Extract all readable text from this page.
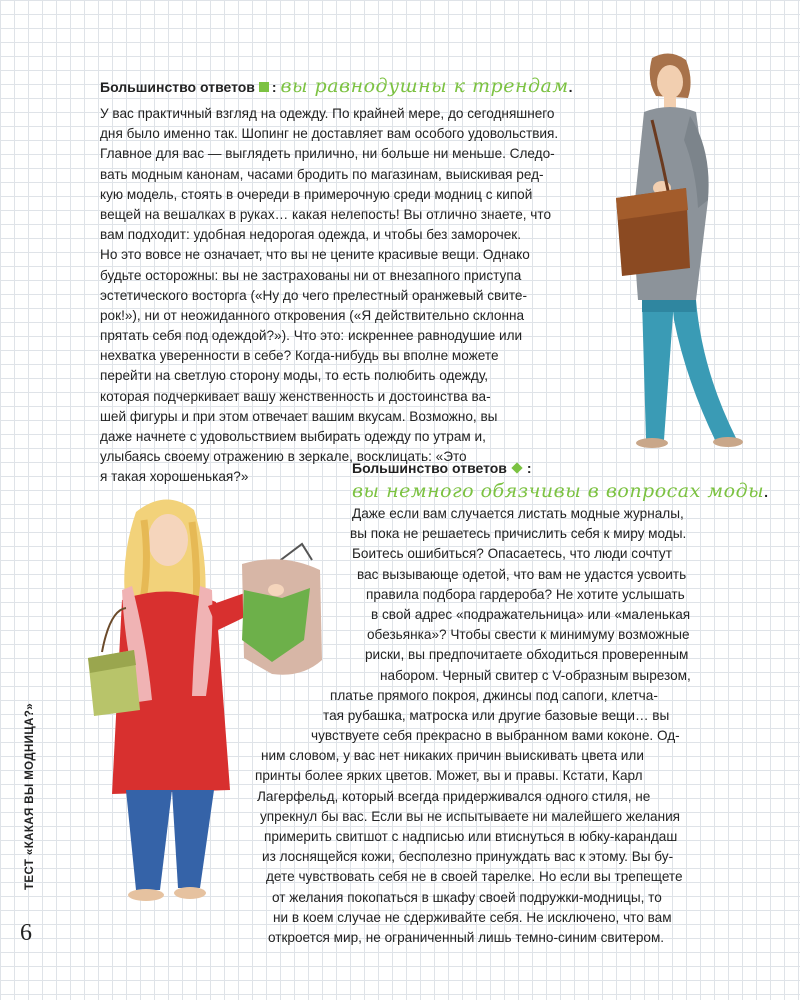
Большинство ответов : вы равнодушны к трендам.
У вас практичный взгляд на одежду. По крайней мере, до сегодняшнего
дня было именно так. Шопинг не доставляет вам особого удовольствия.
Главное для вас — выглядеть прилично, ни больше ни меньше. Следо-
вать модным канонам, часами бродить по магазинам, выискивая ред-
кую модель, стоять в очереди в примерочную среди модниц с кипой
вещей на вешалках в руках… какая нелепость! Вы отлично знаете, что
вам подходит: удобная недорогая одежда, и чтобы без заморочек.
Но это вовсе не означает, что вы не цените красивые вещи. Однако
будьте осторожны: вы не застрахованы ни от внезапного приступа
эстетического восторга («Ну до чего прелестный оранжевый свите-
рок!»), ни от неожиданного откровения («Я действительно склонна
прятать себя под одеждой?»). Что это: искреннее равнодушие или
нехватка уверенности в себе? Когда-нибудь вы вполне можете
перейти на светлую сторону моды, то есть полюбить одежду,
которая подчеркивает вашу женственность и достоинства ва-
шей фигуры и при этом отвечает вашим вкусам. Возможно, вы
даже начнете с удовольствием выбирать одежду по утрам и,
улыбаясь своему отражению в зеркале, восклицать: «Это
я такая хорошенькая?»
Большинство ответов :
вы немного обязчивы в вопросах моды.
Даже если вам случается листать модные журналы,
вы пока не решаетесь причислить себя к миру моды.
Боитесь ошибиться? Опасаетесь, что люди сочтут
вас вызывающе одетой, что вам не удастся усвоить
правила подбора гардероба? Не хотите услышать
в свой адрес «подражательница» или «маленькая
обезьянка»? Чтобы свести к минимуму возможные
риски, вы предпочитаете обходиться проверенным
набором. Черный свитер с V-образным вырезом,
платье прямого покроя, джинсы под сапоги, клетча-
тая рубашка, матроска или другие базовые вещи… вы
чувствуете себя прекрасно в выбранном вами коконе. Од-
ним словом, у вас нет никаких причин выискивать цвета или
принты более ярких цветов. Может, вы и правы. Кстати, Карл
Лагерфельд, который всегда придерживался одного стиля, не
упрекнул бы вас. Если вы не испытываете ни малейшего желания
примерить свитшот с надписью или втиснуться в юбку-карандаш
из лоснящейся кожи, бесполезно принуждать вас к этому. Вы бу-
дете чувствовать себя не в своей тарелке. Но если вы трепещете
от желания покопаться в шкафу своей подружки-модницы, то
ни в коем случае не сдерживайте себя. Не исключено, что вам
откроется мир, не ограниченный лишь темно-синим свитером.
ТЕСТ «КАКАЯ ВЫ МОДНИЦА?»
6
